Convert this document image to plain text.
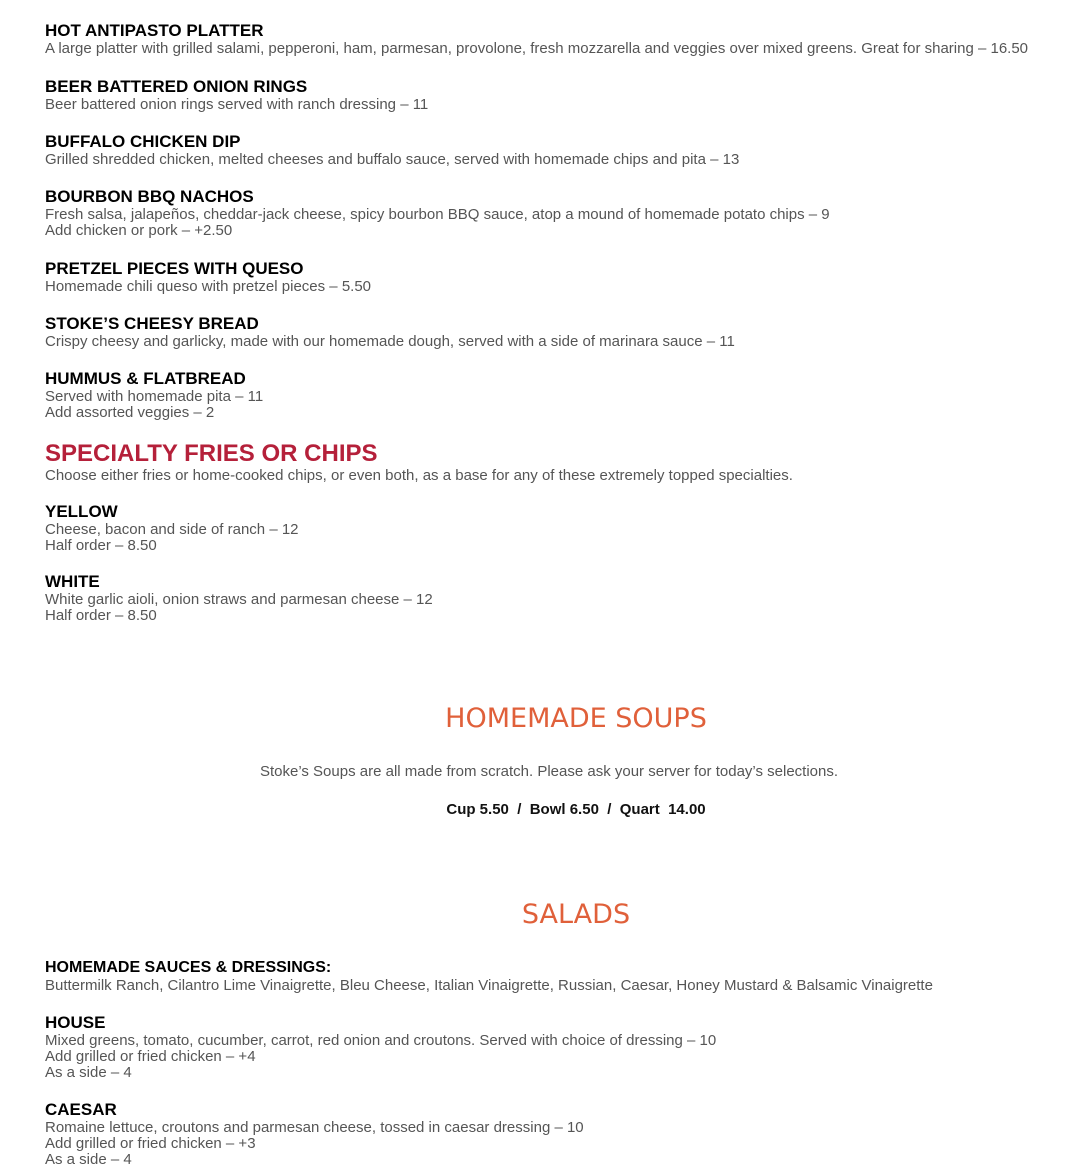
HOT ANTIPASTO PLATTER

A large platter with grilled salami, pepperoni, ham, parmesan, provolone, fresh mozzarella and veggies over mixed greens. Great for sharing – 16.50

BEER BATTERED ONION RINGS

Beer battered onion rings served with ranch dressing – 11

BUFFALO CHICKEN DIP

Grilled shredded chicken, melted cheeses and buffalo sauce, served with homemade chips and pita – 13

BOURBON BBQ NACHOS

Fresh salsa, jalapeños, cheddar-jack cheese, spicy bourbon BBQ sauce, atop a mound of homemade potato chips – 9

Add chicken or pork – +2.50

PRETZEL PIECES WITH QUESO

Homemade chili queso with pretzel pieces – 5.50

STOKE’S CHEESY BREAD

Crispy cheesy and garlicky, made with our homemade dough, served with a side of marinara sauce – 11

HUMMUS & FLATBREAD

Served with homemade pita – 11

Add assorted veggies – 2

SPECIALTY FRIES OR CHIPS

Choose either fries or home-cooked chips, or even both, as a base for any of these extremely topped specialties.

YELLOW

Cheese, bacon and side of ranch – 12

Half order – 8.50

WHITE

White garlic aioli, onion straws and parmesan cheese – 12

Half order – 8.50

HOMEMADE SOUPS

Stoke’s Soups are all made from scratch. Please ask your server for today’s selections.

Cup 5.50  /  Bowl 6.50  /  Quart  14.00

SALADS

HOMEMADE SAUCES & DRESSINGS:

Buttermilk Ranch, Cilantro Lime Vinaigrette, Bleu Cheese, Italian Vinaigrette, Russian, Caesar, Honey Mustard & Balsamic Vinaigrette

HOUSE

Mixed greens, tomato, cucumber, carrot, red onion and croutons. Served with choice of dressing – 10

Add grilled or fried chicken – +4

As a side – 4

CAESAR

Romaine lettuce, croutons and parmesan cheese, tossed in caesar dressing – 10

Add grilled or fried chicken – +3

As a side – 4
